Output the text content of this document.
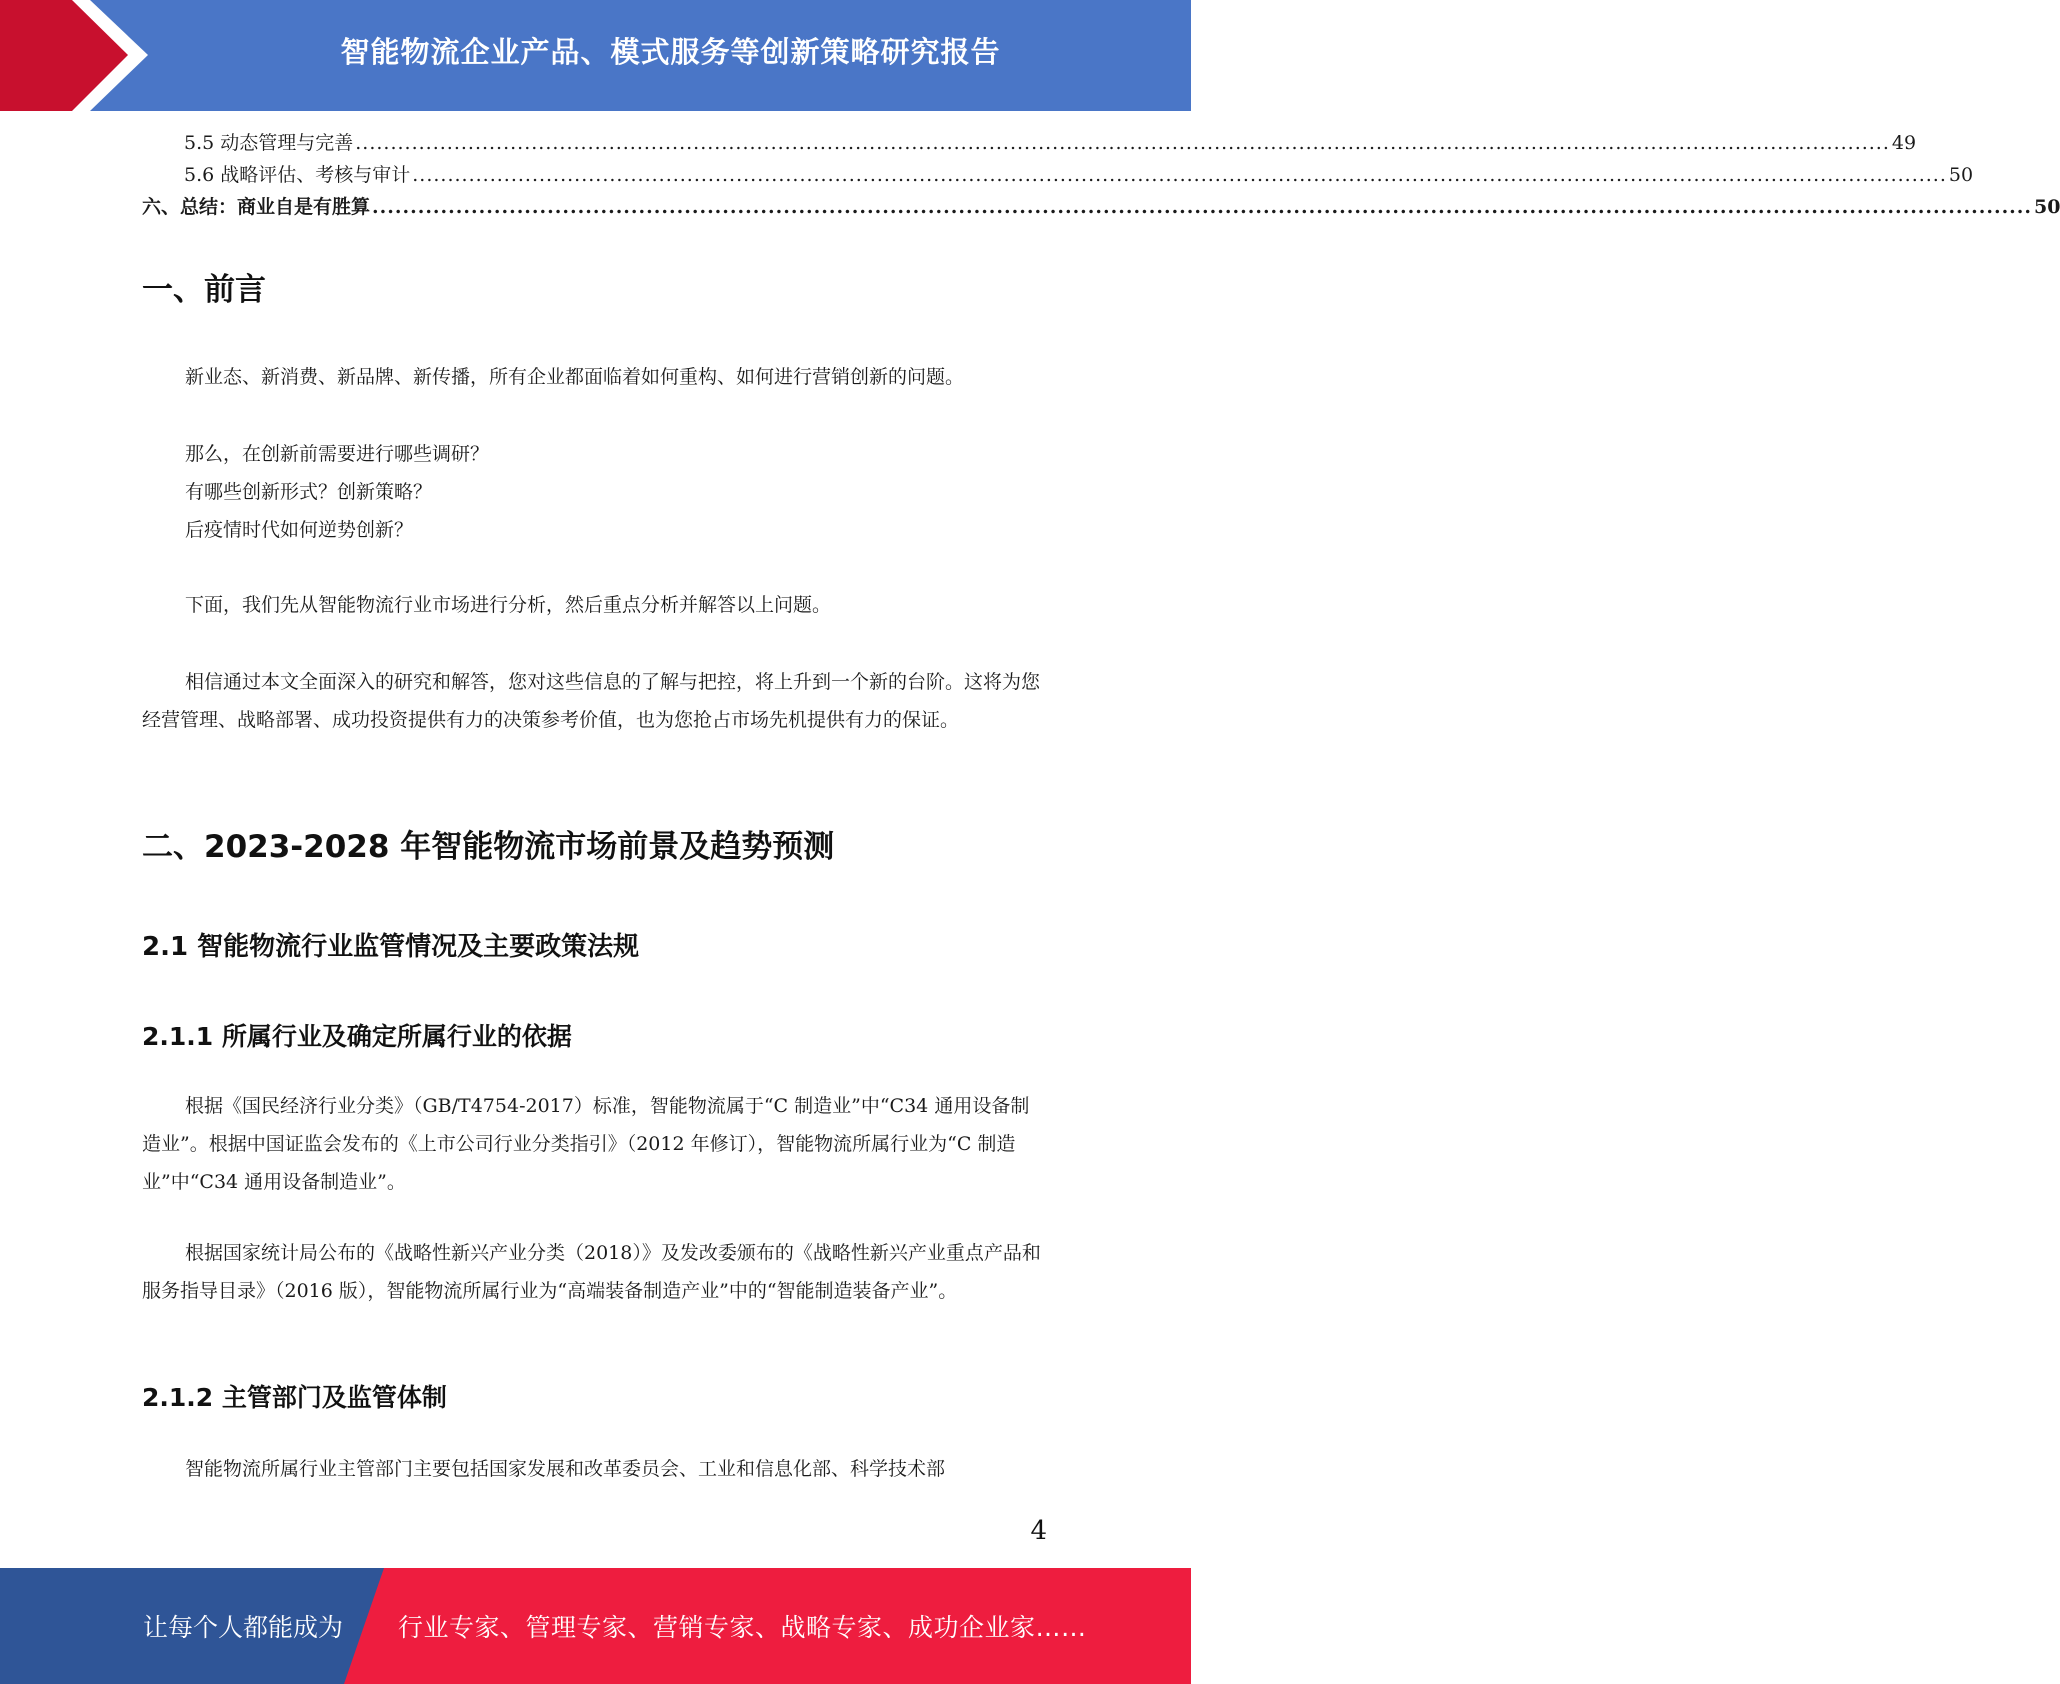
智能物流企业产品、模式服务等创新策略研究报告
5.5 动态管理与完善 .......................................................................................................................................................................................................................... 49
5.6 战略评估、考核与审计 .......................................................................................................................................................................................................................... 50
六、总结：商业自是有胜算 .......................................................................................................................................................................................................................... 50
一、前言

新业态、新消费、新品牌、新传播，所有企业都面临着如何重构、如何进行营销创新的问题。

那么，在创新前需要进行哪些调研？

有哪些创新形式？创新策略？

后疫情时代如何逆势创新？

下面，我们先从智能物流行业市场进行分析，然后重点分析并解答以上问题。

相信通过本文全面深入的研究和解答，您对这些信息的了解与把控，将上升到一个新的台阶。这将为您经营管理、战略部署、成功投资提供有力的决策参考价值，也为您抢占市场先机提供有力的保证。

二、2023-2028 年智能物流市场前景及趋势预测
2.1 智能物流行业监管情况及主要政策法规
2.1.1 所属行业及确定所属行业的依据

根据《国民经济行业分类》（GB/T4754-2017）标准，智能物流属于“C 制造业”中“C34 通用设备制造业”。根据中国证监会发布的《上市公司行业分类指引》（2012 年修订），智能物流所属行业为“C 制造业”中“C34 通用设备制造业”。

根据国家统计局公布的《战略性新兴产业分类（2018）》及发改委颁布的《战略性新兴产业重点产品和服务指导目录》（2016 版），智能物流所属行业为“高端装备制造产业”中的“智能制造装备产业”。

2.1.2 主管部门及监管体制

智能物流所属行业主管部门主要包括国家发展和改革委员会、工业和信息化部、科学技术部

4
让每个人都能成为 行业专家、管理专家、营销专家、战略专家、成功企业家……
